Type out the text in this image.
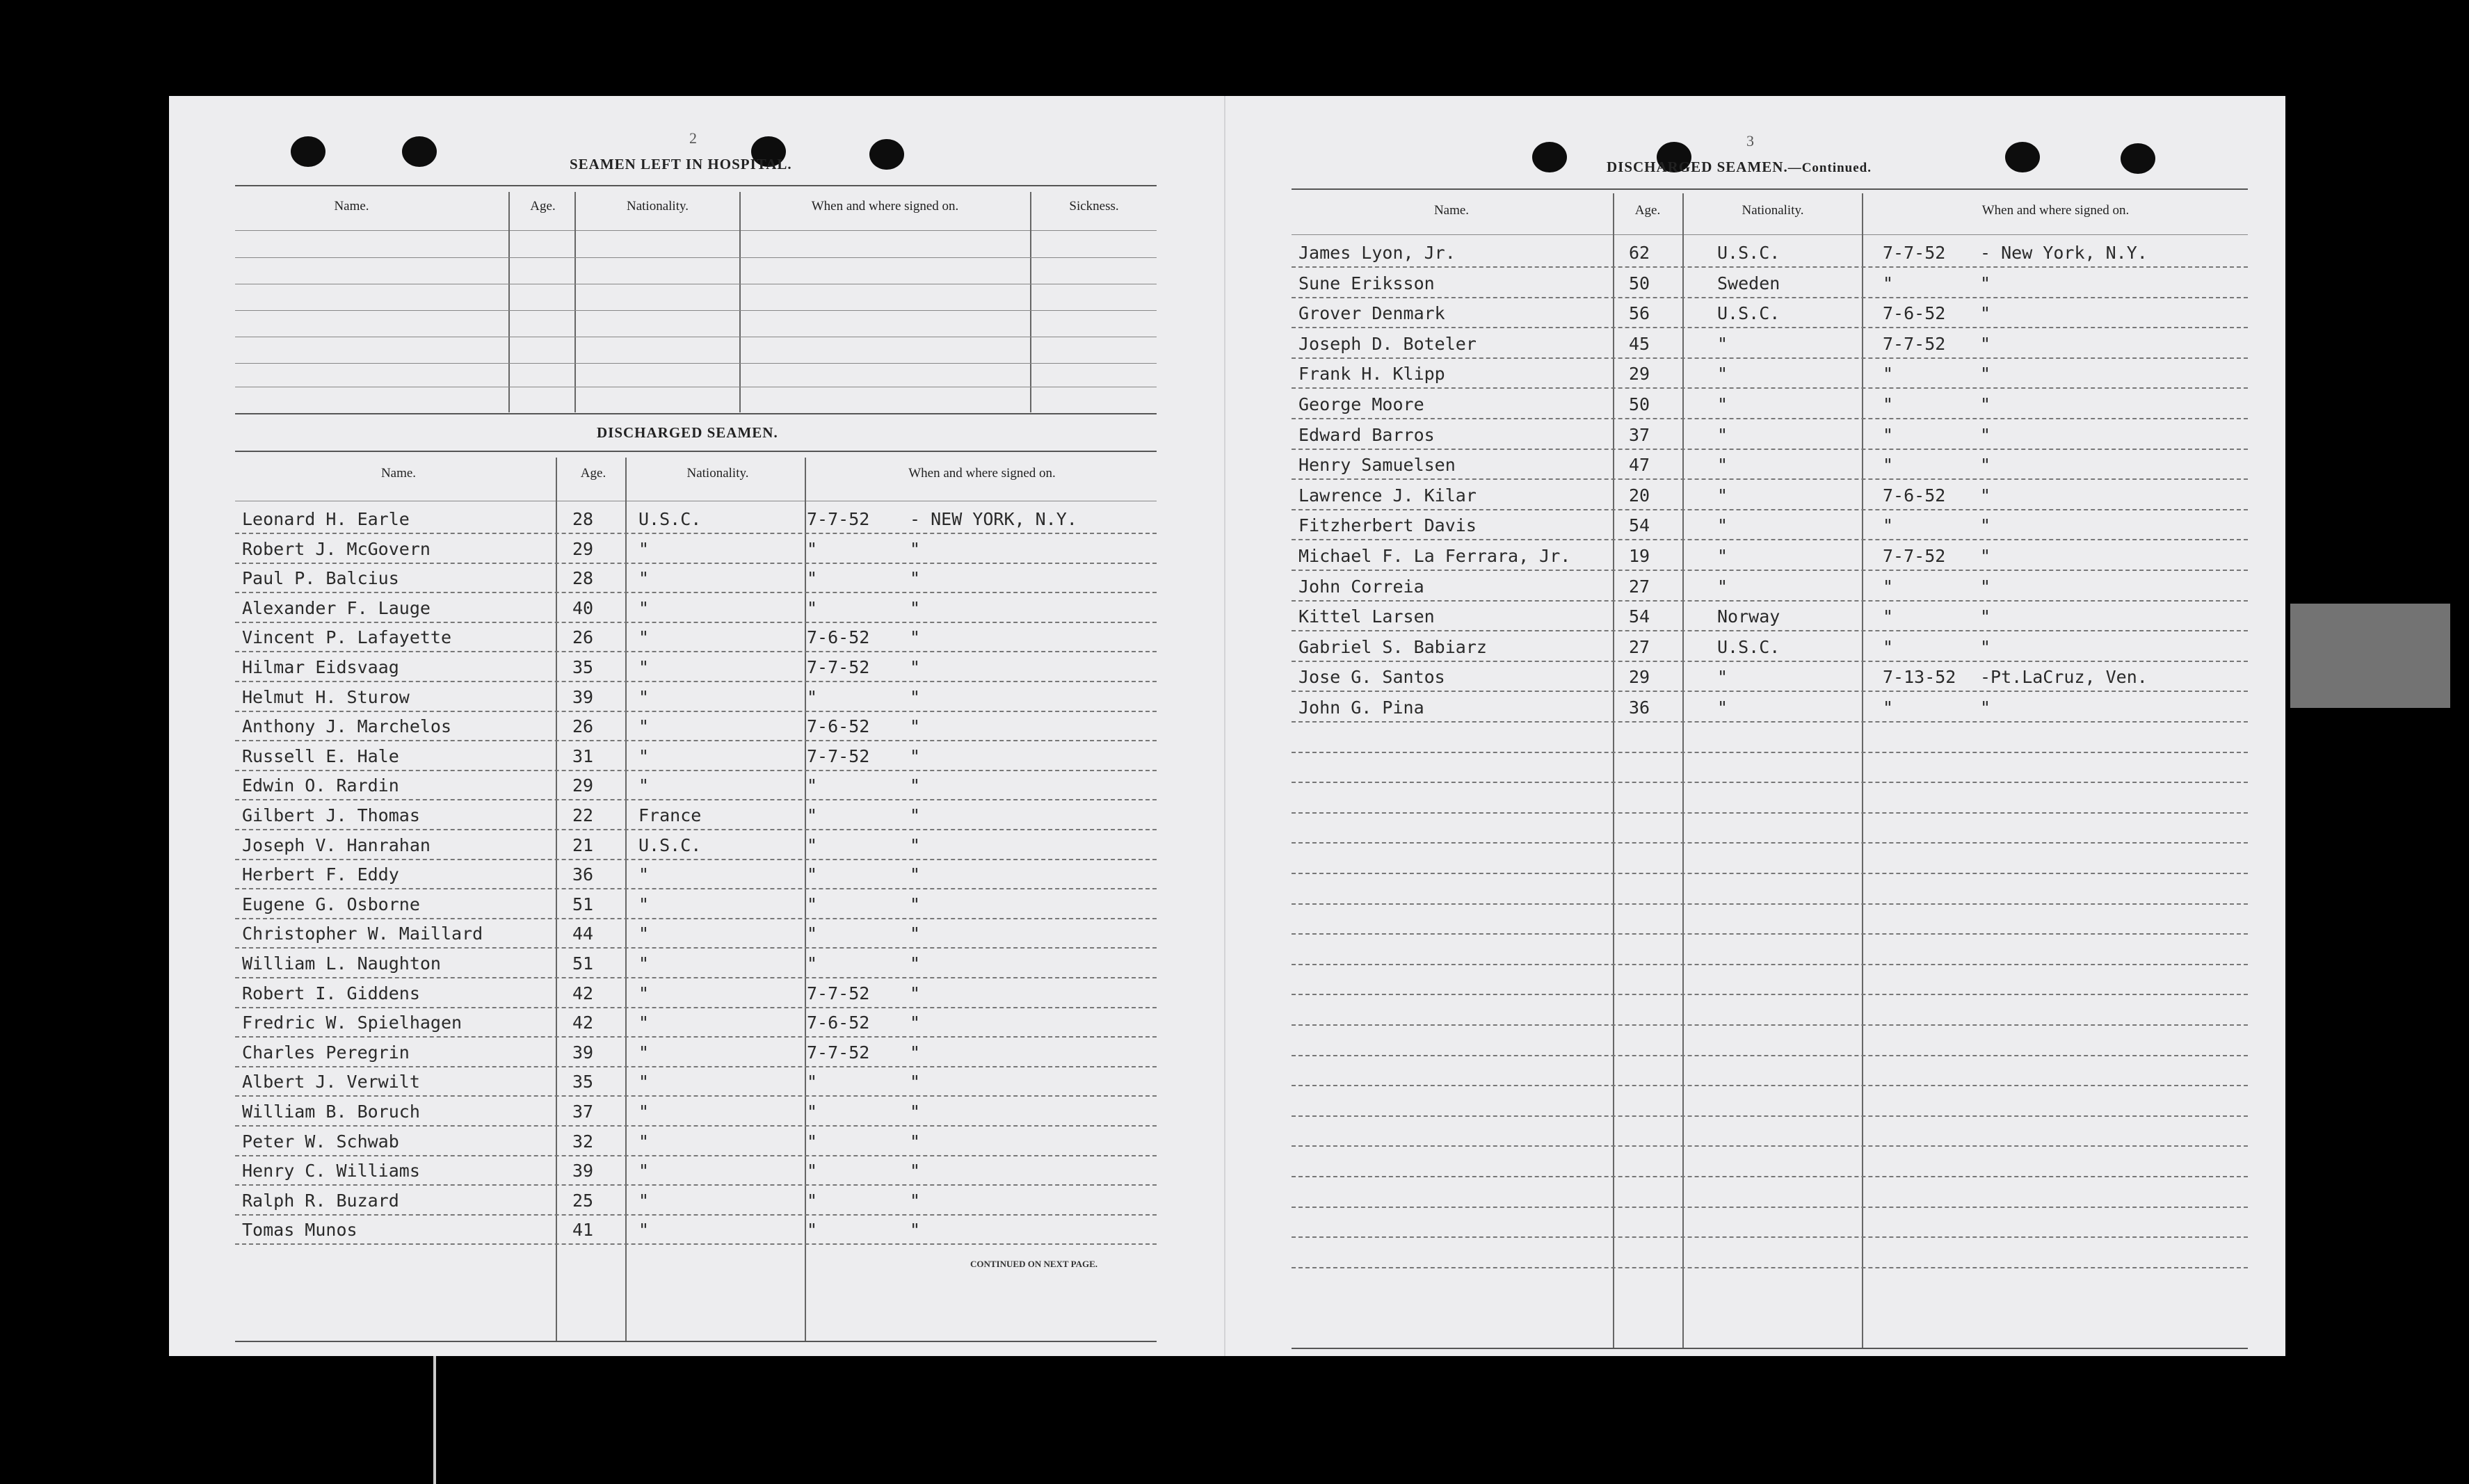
2
SEAMEN LEFT IN HOSPITAL.
Name.	Age.	Nationality.	When and where signed on.	Sickness.
DISCHARGED SEAMEN.
Name.	Age.	Nationality.	When and where signed on.
Leonard H. Earle	28	U.S.C.	7-7-52 - NEW YORK, N.Y.
Robert J. McGovern	29	"	"	"
Paul P. Balcius	28	"	"	"
Alexander F. Lauge	40	"	"	"
Vincent P. Lafayette	26	"	7-6-52 "
Hilmar Eidsvaag	35	"	7-7-52 "
Helmut H. Sturow	39	"	"	"
Anthony J. Marchelos	26	"	7-6-52 "
Russell E. Hale	31	"	7-7-52 "
Edwin O. Rardin	29	"	"	"
Gilbert J. Thomas	22	France	"	"
Joseph V. Hanrahan	21	U.S.C.	"	"
Herbert F. Eddy	36	"	"	"
Eugene G. Osborne	51	"	"	"
Christopher W. Maillard	44	"	"	"
William L. Naughton	51	"	"	"
Robert I. Giddens	42	"	7-7-52 "
Fredric W. Spielhagen	42	"	7-6-52 "
Charles Peregrin	39	"	7-7-52 "
Albert J. Verwilt	35	"	"	"
William B. Boruch	37	"	"	"
Peter W. Schwab	32	"	"	"
Henry C. Williams	39	"	"	"
Ralph R. Buzard	25	"	"	"
Tomas Munos	41	"	"	"
CONTINUED ON NEXT PAGE.
3
DISCHARGED SEAMEN.—Continued.
Name.	Age.	Nationality.	When and where signed on.
James Lyon, Jr.	62	U.S.C.	7-7-52 - New York, N.Y.
Sune Eriksson	50	Sweden	"	"
Grover Denmark	56	U.S.C.	7-6-52 "
Joseph D. Boteler	45	"	7-7-52 "
Frank H. Klipp	29	"	"	"
George Moore	50	"	"	"
Edward Barros	37	"	"	"
Henry Samuelsen	47	"	"	"
Lawrence J. Kilar	20	"	7-6-52 "
Fitzherbert Davis	54	"	"	"
Michael F. La Ferrara, Jr.	19	"	7-7-52 "
John Correia	27	"	"	"
Kittel Larsen	54	Norway	"	"
Gabriel S. Babiarz	27	U.S.C.	"	"
Jose G. Santos	29	"	7-13-52 -Pt.LaCruz, Ven.
John G. Pina	36	"	"	"
